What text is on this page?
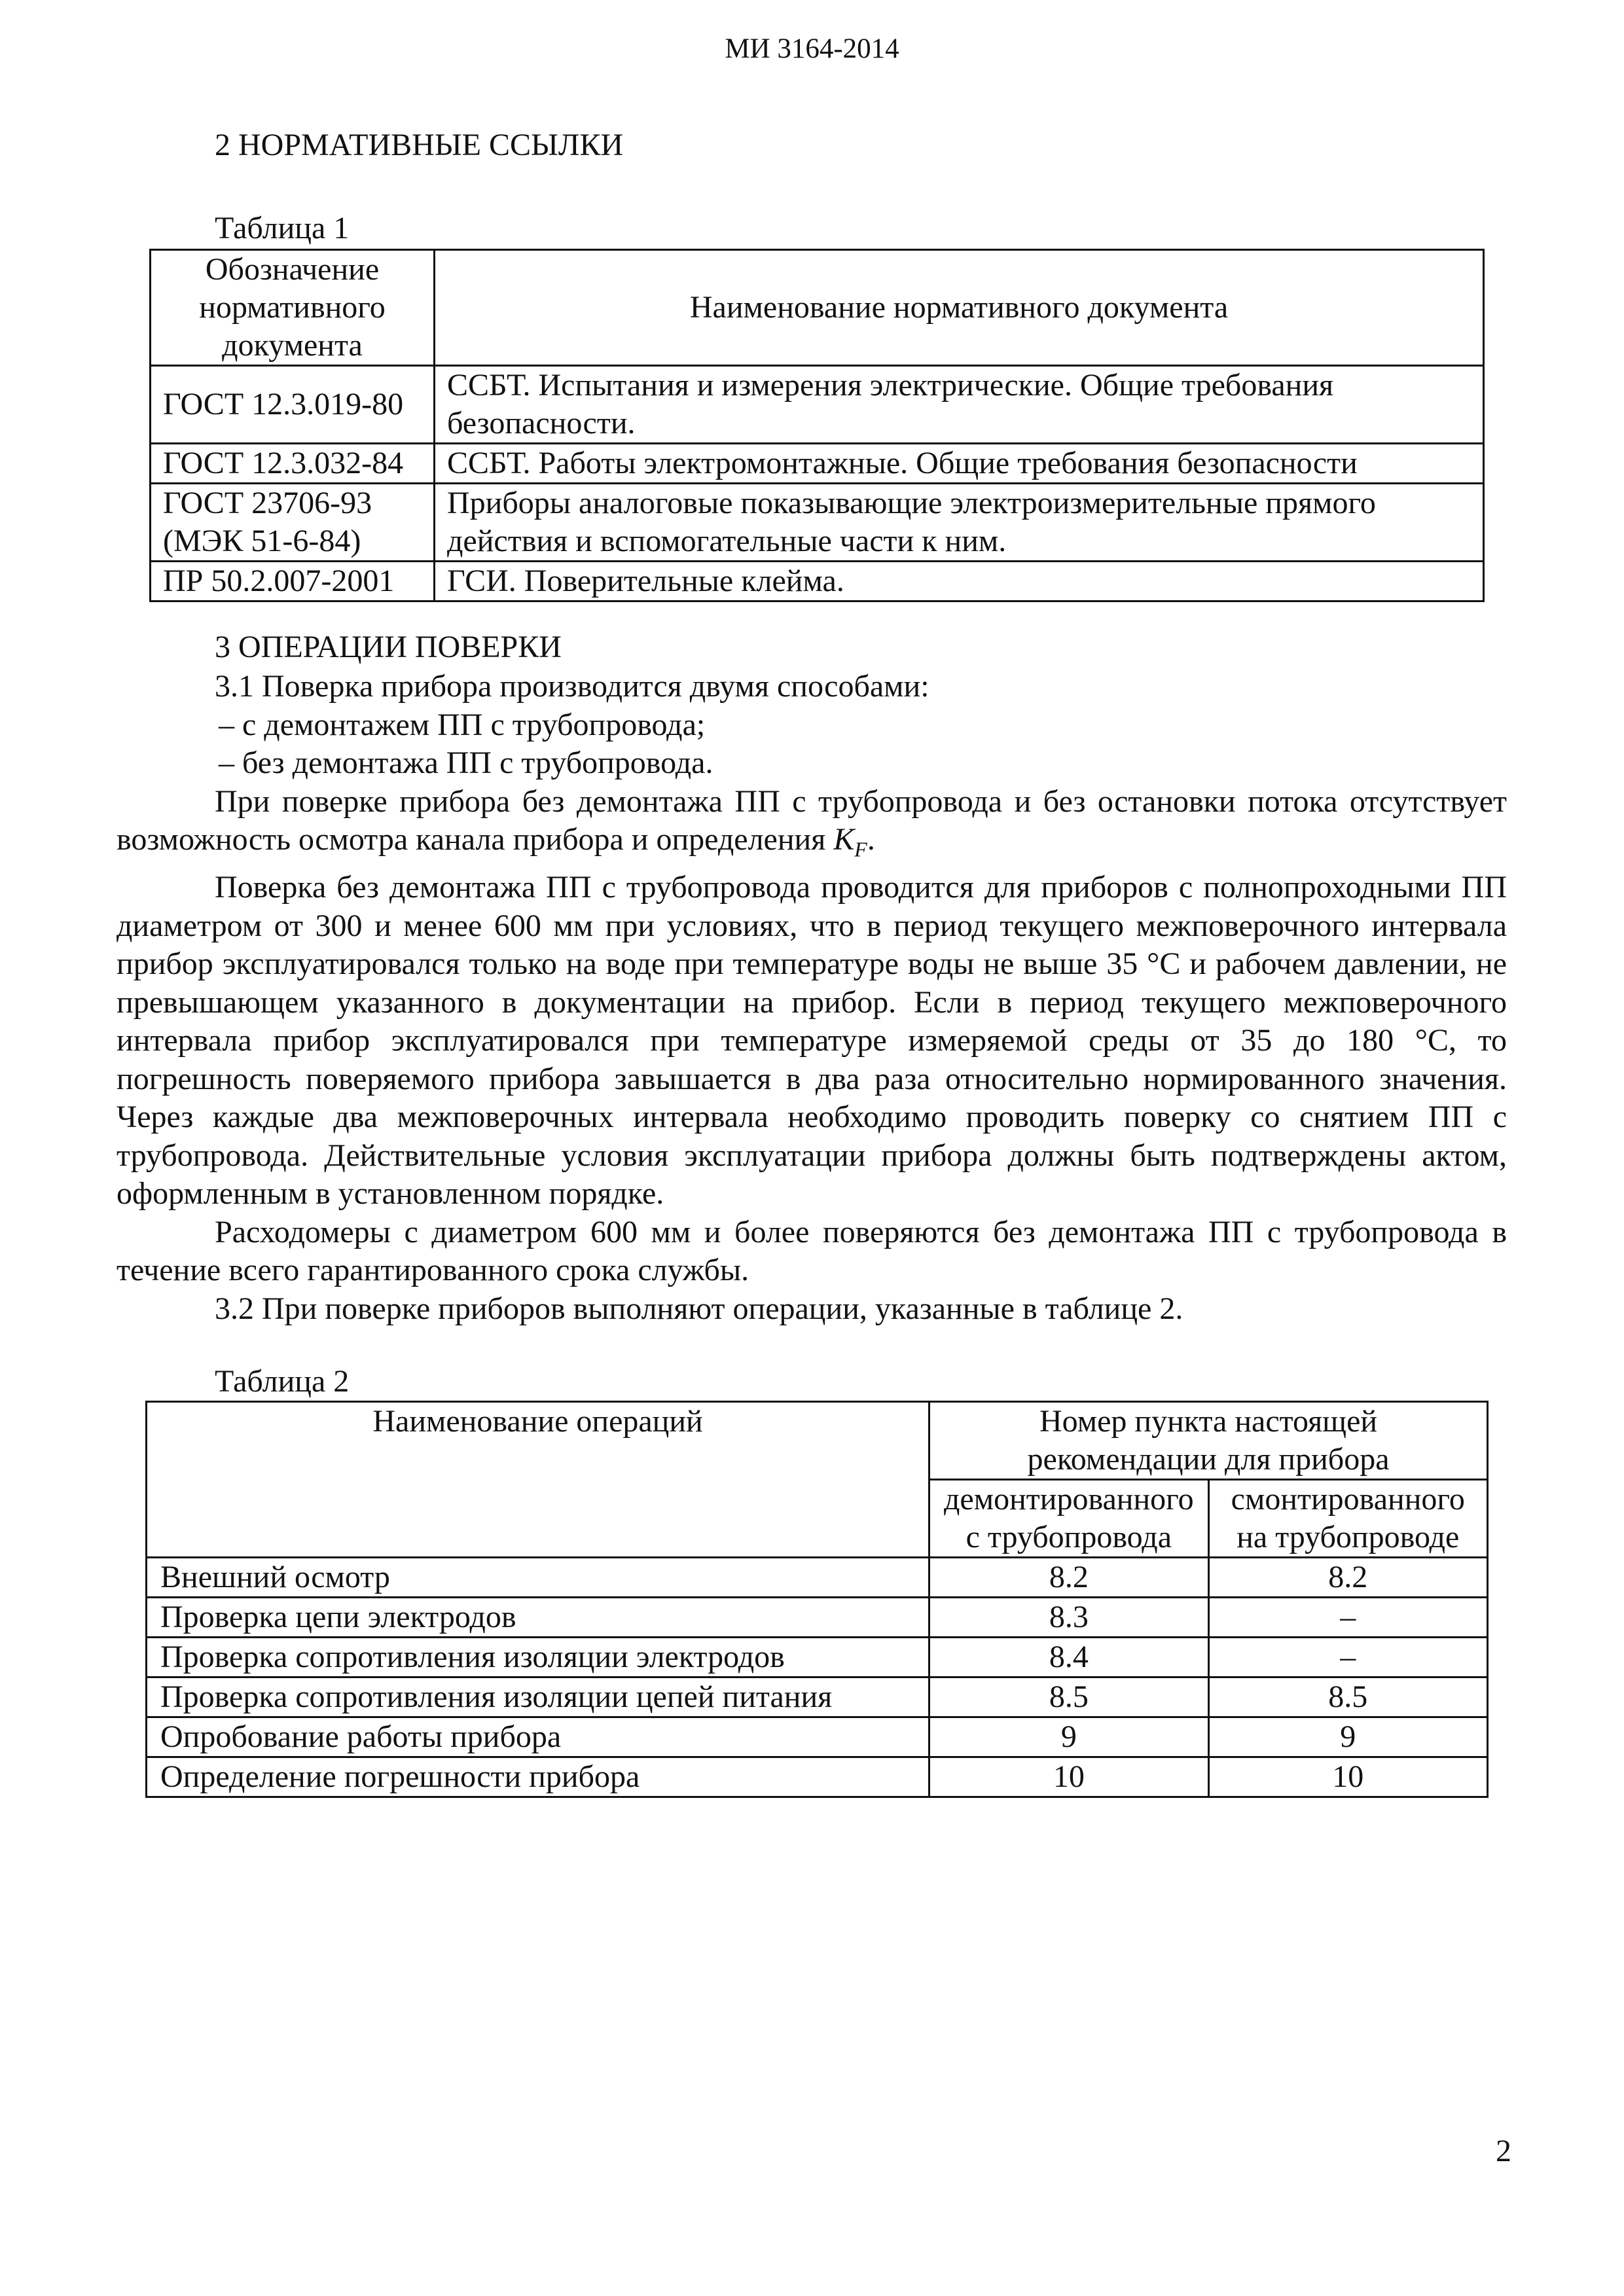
МИ 3164-2014
2 НОРМАТИВНЫЕ ССЫЛКИ
Таблица 1
Обозначение нормативного документа	Наименование нормативного документа
ГОСТ 12.3.019-80	ССБТ. Испытания и измерения электрические. Общие требования безопасности.
ГОСТ 12.3.032-84	ССБТ. Работы электромонтажные. Общие требования безопасности
ГОСТ 23706-93 (МЭК 51-6-84)	Приборы аналоговые показывающие электроизмерительные прямого действия и вспомогательные части к ним.
ПР 50.2.007-2001	ГСИ. Поверительные клейма.
3 ОПЕРАЦИИ ПОВЕРКИ

3.1 Поверка прибора производится двумя способами:

– с демонтажем ПП с трубопровода;

– без демонтажа ПП с трубопровода.

При поверке прибора без демонтажа ПП с трубопровода и без остановки потока отсутствует возможность осмотра канала прибора и определения $K_F$.

Поверка без демонтажа ПП с трубопровода проводится для приборов с полнопроходными ПП диаметром от 300 и менее 600 мм при условиях, что в период текущего межповерочного интервала прибор эксплуатировался только на воде при температуре воды не выше 35 °С и рабочем давлении, не превышающем указанного в документации на прибор. Если в период текущего межповерочного интервала прибор эксплуатировался при температуре измеряемой среды от 35 до 180 °С, то погрешность поверяемого прибора завышается в два раза относительно нормированного значения. Через каждые два межповерочных интервала необходимо проводить поверку со снятием ПП с трубопровода. Действительные условия эксплуатации прибора должны быть подтверждены актом, оформленным в установленном порядке.

Расходомеры с диаметром 600 мм и более поверяются без демонтажа ПП с трубопровода в течение всего гарантированного срока службы.

3.2 При поверке приборов выполняют операции, указанные в таблице 2.

Таблица 2
Наименование операций	Номер пункта настоящей рекомендации для прибора	
	демонтированного с трубопровода	смонтированного на трубопроводе
Внешний осмотр	8.2	8.2
Проверка цепи электродов	8.3	–
Проверка сопротивления изоляции электродов	8.4	–
Проверка сопротивления изоляции цепей питания	8.5	8.5
Опробование работы прибора	9	9
Определение погрешности прибора	10	10
2
